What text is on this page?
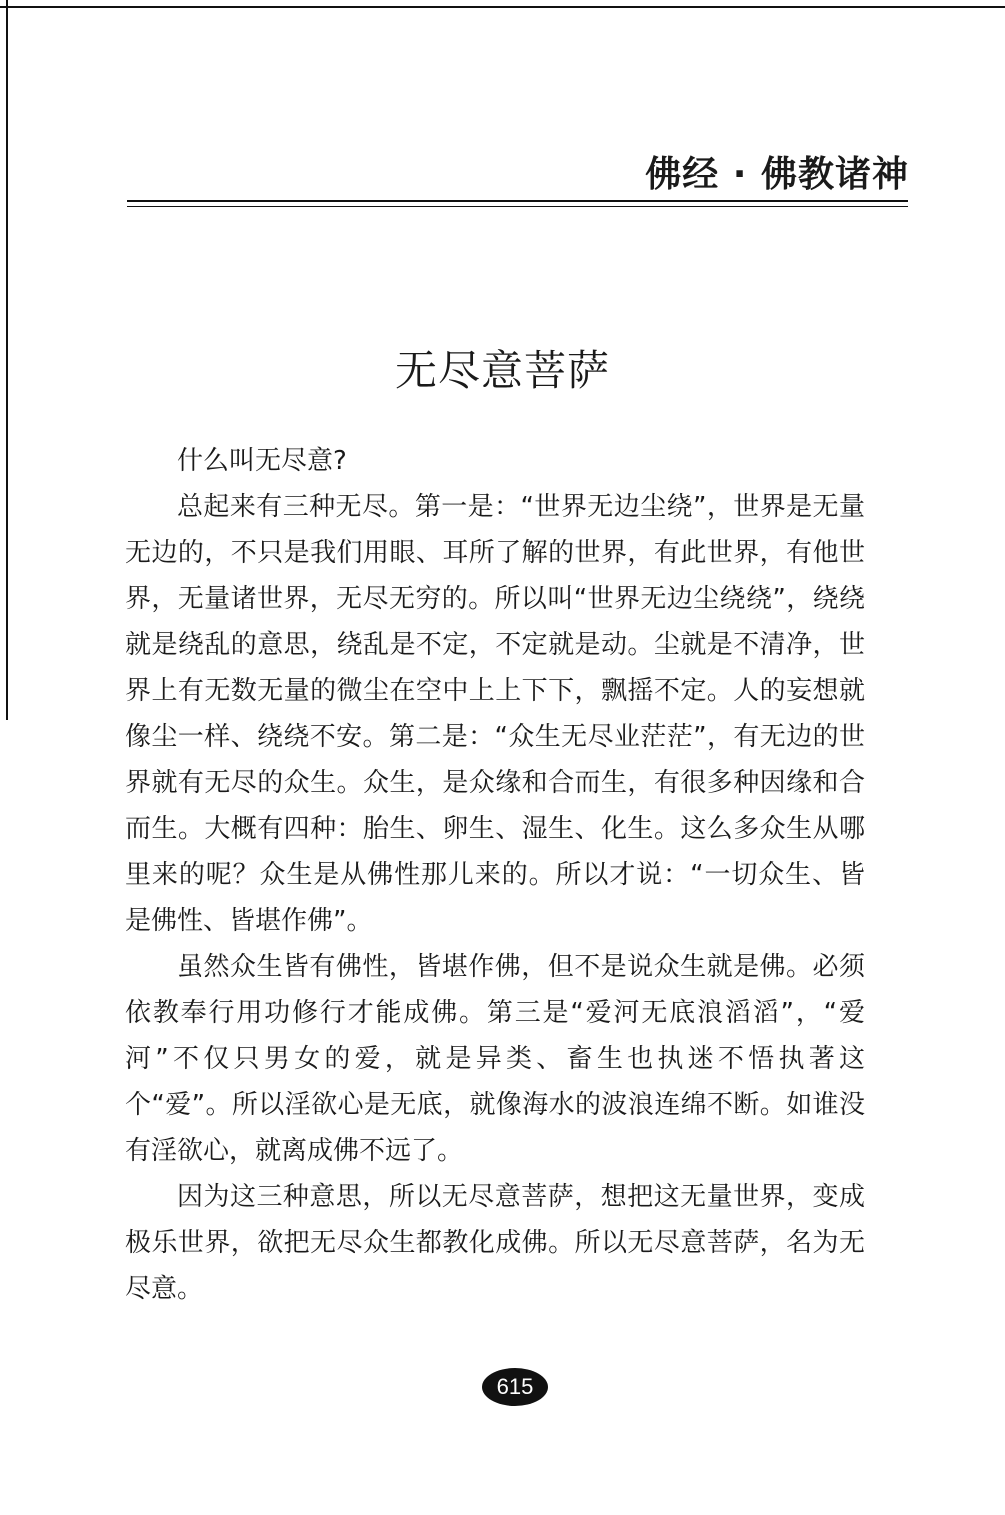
佛经 · 佛教诸神
无尽意菩萨

什么叫无尽意?

总起来有三种无尽。第一是：“世界无边尘绕”，世界是无量无边的，不只是我们用眼、耳所了解的世界，有此世界，有他世界，无量诸世界，无尽无穷的。所以叫“世界无边尘绕绕”，绕绕就是绕乱的意思，绕乱是不定，不定就是动。尘就是不清净，世界上有无数无量的微尘在空中上上下下，飘摇不定。人的妄想就像尘一样、绕绕不安。第二是：“众生无尽业茫茫”，有无边的世界就有无尽的众生。众生，是众缘和合而生，有很多种因缘和合而生。大概有四种：胎生、卵生、湿生、化生。这么多众生从哪里来的呢？众生是从佛性那儿来的。所以才说：“一切众生、皆是佛性、皆堪作佛”。

虽然众生皆有佛性，皆堪作佛，但不是说众生就是佛。必须依教奉行用功修行才能成佛。第三是“爱河无底浪滔滔”，“爱河”不仅只男女的爱，就是异类、畜生也执迷不悟执著这个“爱”。所以淫欲心是无底，就像海水的波浪连绵不断。如谁没有淫欲心，就离成佛不远了。

因为这三种意思，所以无尽意菩萨，想把这无量世界，变成极乐世界，欲把无尽众生都教化成佛。所以无尽意菩萨，名为无尽意。

615
